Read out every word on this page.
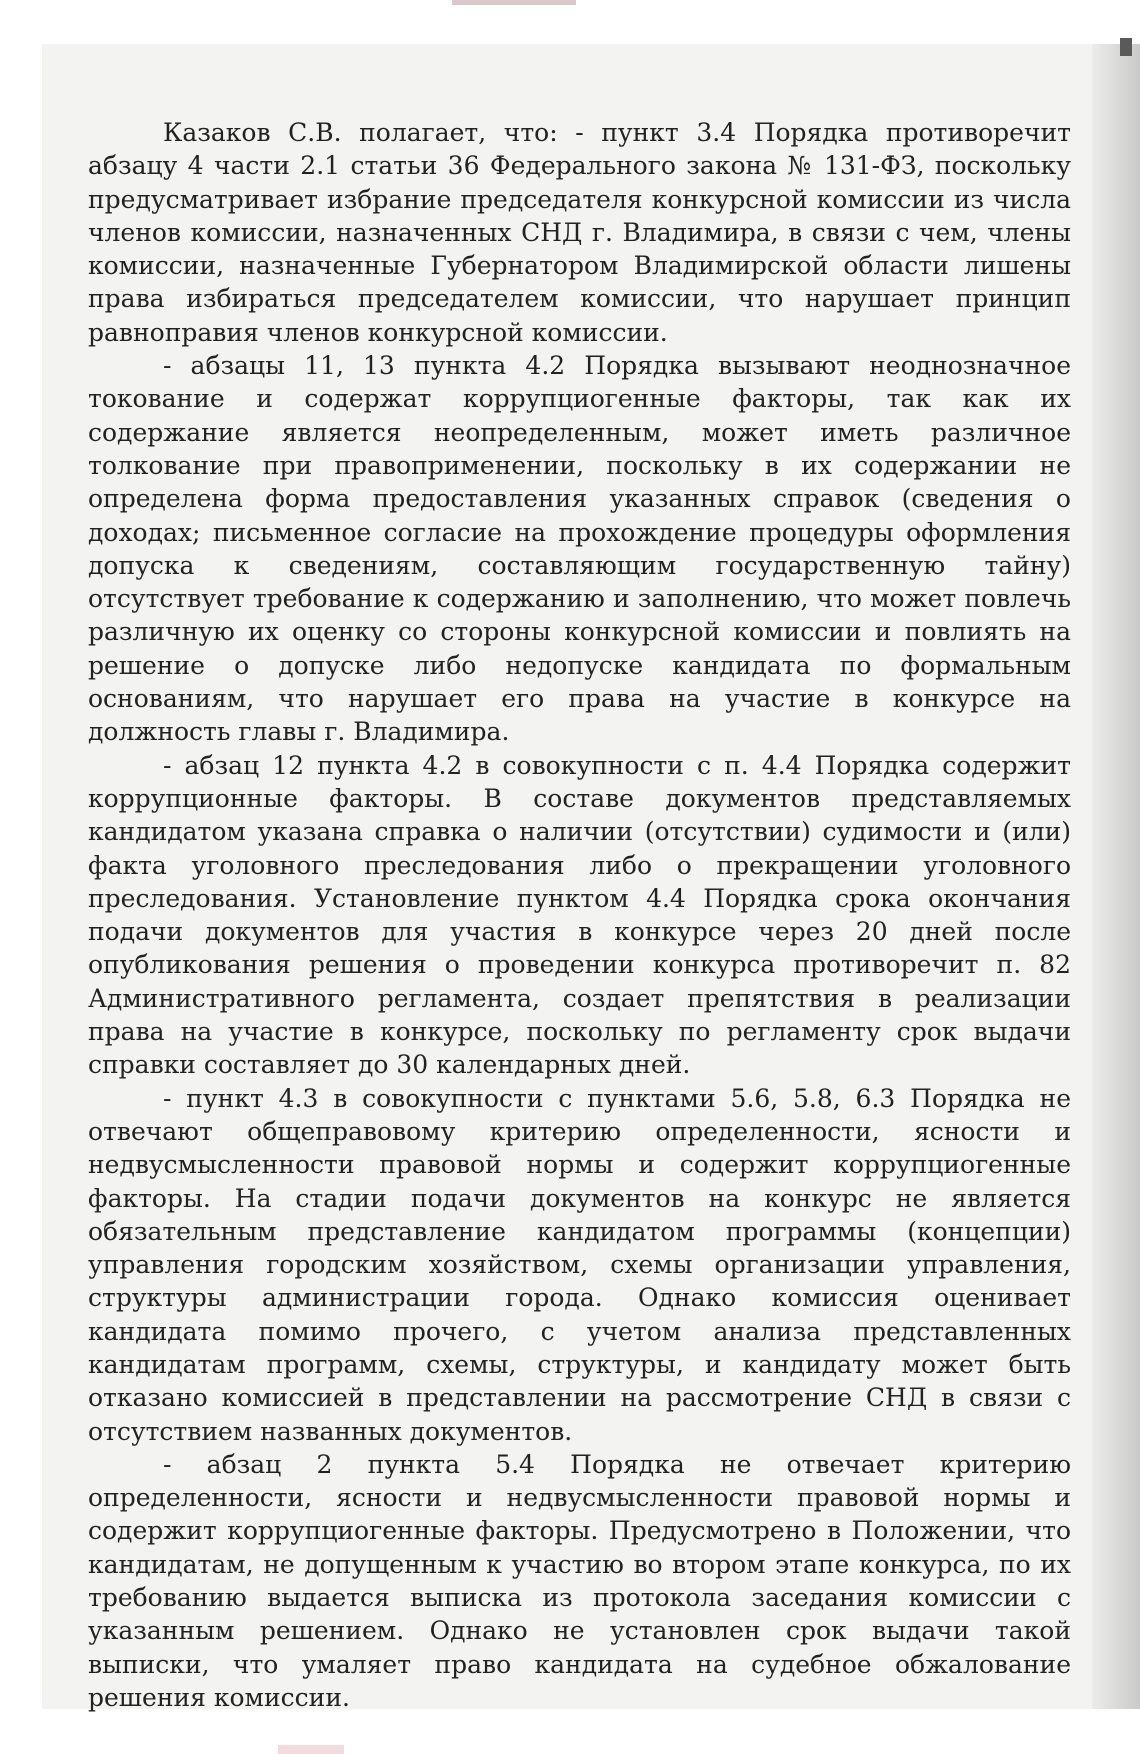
Казаков С.В. полагает, что: - пункт 3.4 Порядка противоречит абзацу 4 части 2.1 статьи 36 Федерального закона № 131-ФЗ, поскольку предусматривает избрание председателя конкурсной комиссии из числа членов комиссии, назначенных СНД г. Владимира, в связи с чем, члены комиссии, назначенные Губернатором Владимирской области лишены права избираться председателем комиссии, что нарушает принцип равноправия членов конкурсной комиссии.

- абзацы 11, 13 пункта 4.2 Порядка вызывают неоднозначное токование и содержат коррупциогенные факторы, так как их содержание является неопределенным, может иметь различное толкование при правоприменении, поскольку в их содержании не определена форма предоставления указанных справок (сведения о доходах; письменное согласие на прохождение процедуры оформления допуска к сведениям, составляющим государственную тайну) отсутствует требование к содержанию и заполнению, что может повлечь различную их оценку со стороны конкурсной комиссии и повлиять на решение о допуске либо недопуске кандидата по формальным основаниям, что нарушает его права на участие в конкурсе на должность главы г. Владимира.

- абзац 12 пункта 4.2 в совокупности с п. 4.4 Порядка содержит коррупционные факторы. В составе документов представляемых кандидатом указана справка о наличии (отсутствии) судимости и (или) факта уголовного преследования либо о прекращении уголовного преследования. Установление пунктом 4.4 Порядка срока окончания подачи документов для участия в конкурсе через 20 дней после опубликования решения о проведении конкурса противоречит п. 82 Административного регламента, создает препятствия в реализации права на участие в конкурсе, поскольку по регламенту срок выдачи справки составляет до 30 календарных дней.

- пункт 4.3 в совокупности с пунктами 5.6, 5.8, 6.3 Порядка не отвечают общеправовому критерию определенности, ясности и недвусмысленности правовой нормы и содержит коррупциогенные факторы. На стадии подачи документов на конкурс не является обязательным представление кандидатом программы (концепции) управления городским хозяйством, схемы организации управления, структуры администрации города. Однако комиссия оценивает кандидата помимо прочего, с учетом анализа представленных кандидатам программ, схемы, структуры, и кандидату может быть отказано комиссией в представлении на рассмотрение СНД в связи с отсутствием названных документов.

- абзац 2 пункта 5.4 Порядка не отвечает критерию определенности, ясности и недвусмысленности правовой нормы и содержит коррупциогенные факторы. Предусмотрено в Положении, что кандидатам, не допущенным к участию во втором этапе конкурса, по их требованию выдается выписка из протокола заседания комиссии с указанным решением. Однако не установлен срок выдачи такой выписки, что умаляет право кандидата на судебное обжалование решения комиссии.
